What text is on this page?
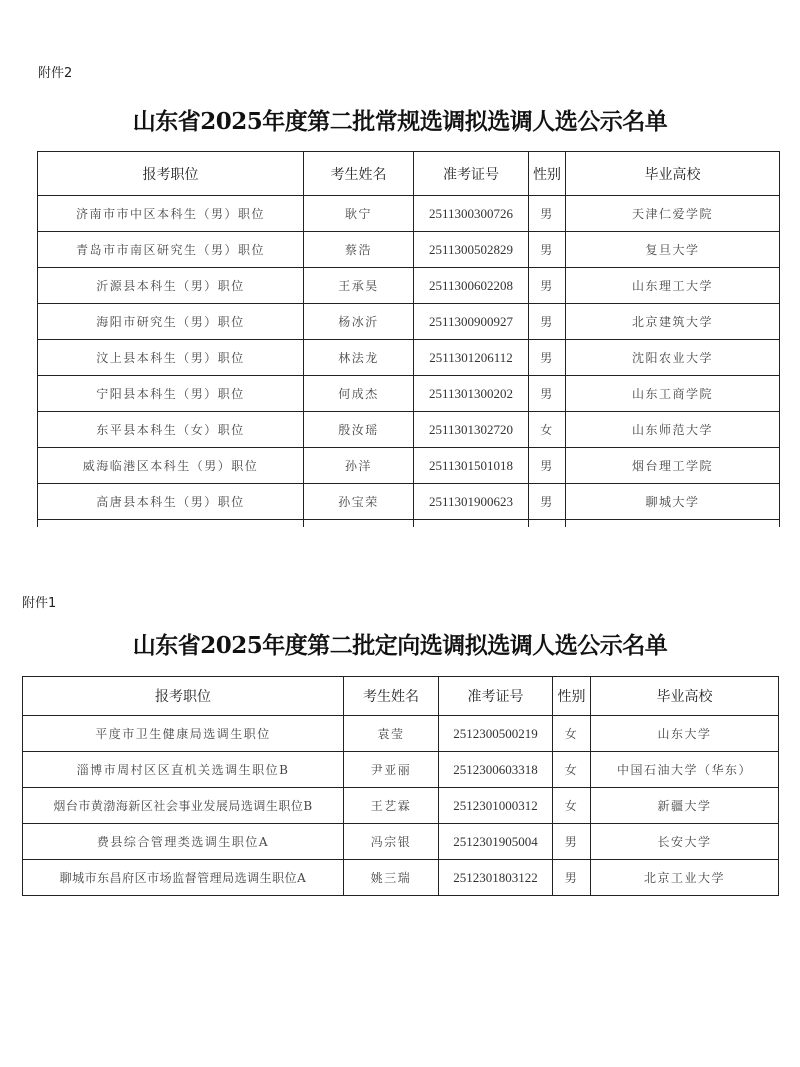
附件2
山东省2025年度第二批常规选调拟选调人选公示名单
报考职位	考生姓名	准考证号	性别	毕业高校
济南市市中区本科生（男）职位	耿宁	2511300300726	男	天津仁爱学院
青岛市市南区研究生（男）职位	蔡浩	2511300502829	男	复旦大学
沂源县本科生（男）职位	王承昊	2511300602208	男	山东理工大学
海阳市研究生（男）职位	杨冰沂	2511300900927	男	北京建筑大学
汶上县本科生（男）职位	林法龙	2511301206112	男	沈阳农业大学
宁阳县本科生（男）职位	何成杰	2511301300202	男	山东工商学院
东平县本科生（女）职位	殷汝瑶	2511301302720	女	山东师范大学
威海临港区本科生（男）职位	孙洋	2511301501018	男	烟台理工学院
高唐县本科生（男）职位	孙宝荣	2511301900623	男	聊城大学

附件1
山东省2025年度第二批定向选调拟选调人选公示名单
报考职位	考生姓名	准考证号	性别	毕业高校
平度市卫生健康局选调生职位	袁莹	2512300500219	女	山东大学
淄博市周村区区直机关选调生职位B	尹亚丽	2512300603318	女	中国石油大学（华东）
烟台市黄渤海新区社会事业发展局选调生职位B	王艺霖	2512301000312	女	新疆大学
费县综合管理类选调生职位A	冯宗银	2512301905004	男	长安大学
聊城市东昌府区市场监督管理局选调生职位A	姚三瑞	2512301803122	男	北京工业大学
